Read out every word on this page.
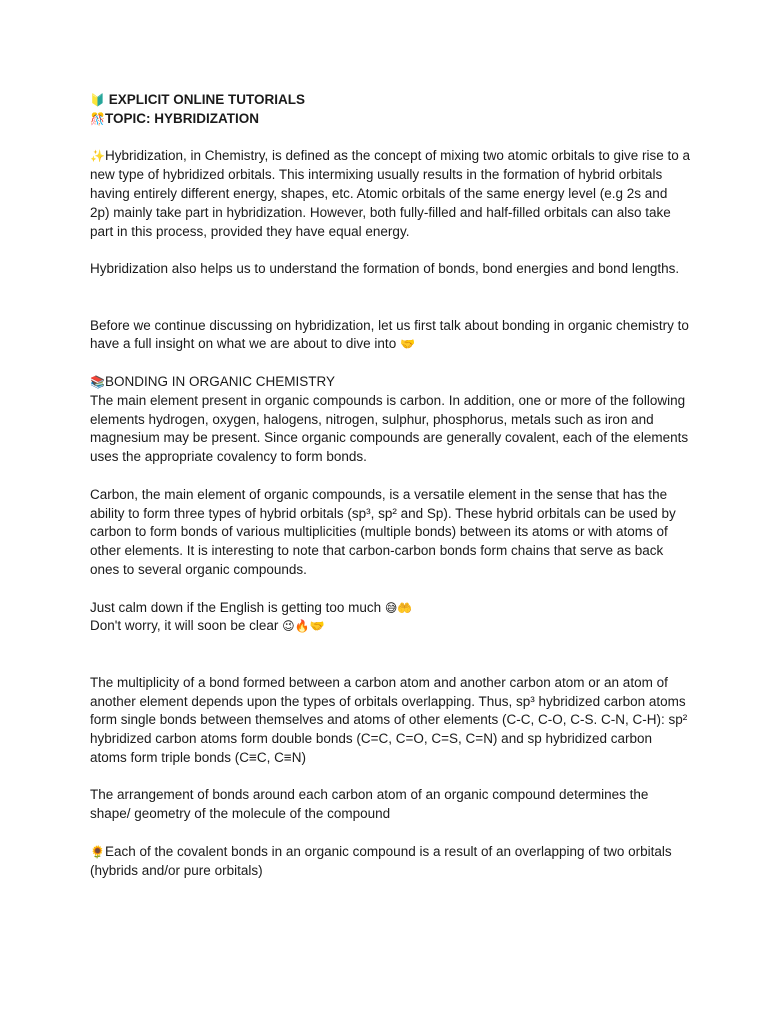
🔰 EXPLICIT ONLINE TUTORIALS
🎊TOPIC: HYBRIDIZATION

✨Hybridization, in Chemistry, is defined as the concept of mixing two atomic orbitals to give rise to a new type of hybridized orbitals. This intermixing usually results in the formation of hybrid orbitals having entirely different energy, shapes, etc. Atomic orbitals of the same energy level (e.g 2s and 2p) mainly take part in hybridization. However, both fully-filled and half-filled orbitals can also take part in this process, provided they have equal energy.

Hybridization also helps us to understand the formation of bonds, bond energies and bond lengths.

Before we continue discussing on hybridization, let us first talk about bonding in organic chemistry to have a full insight on what we are about to dive into 🤝

📚BONDING IN ORGANIC CHEMISTRY

The main element present in organic compounds is carbon. In addition, one or more of the following elements hydrogen, oxygen, halogens, nitrogen, sulphur, phosphorus, metals such as iron and magnesium may be present. Since organic compounds are generally covalent, each of the elements uses the appropriate covalency to form bonds.

Carbon, the main element of organic compounds, is a versatile element in the sense that has the ability to form three types of hybrid orbitals (sp³, sp² and Sp). These hybrid orbitals can be used by carbon to form bonds of various multiplicities (multiple bonds) between its atoms or with atoms of other elements. It is interesting to note that carbon-carbon bonds form chains that serve as back ones to several organic compounds.

Just calm down if the English is getting too much 😅🤲
Don't worry, it will soon be clear 😉🔥🤝

The multiplicity of a bond formed between a carbon atom and another carbon atom or an atom of another element depends upon the types of orbitals overlapping. Thus, sp³ hybridized carbon atoms form single bonds between themselves and atoms of other elements (C-C, C-O, C-S. C-N, C-H): sp² hybridized carbon atoms form double bonds (C=C, C=O, C=S, C=N) and sp hybridized carbon atoms form triple bonds (C≡C, C≡N)

The arrangement of bonds around each carbon atom of an organic compound determines the shape/ geometry of the molecule of the compound

🌻Each of the covalent bonds in an organic compound is a result of an overlapping of two orbitals (hybrids and/or pure orbitals)
